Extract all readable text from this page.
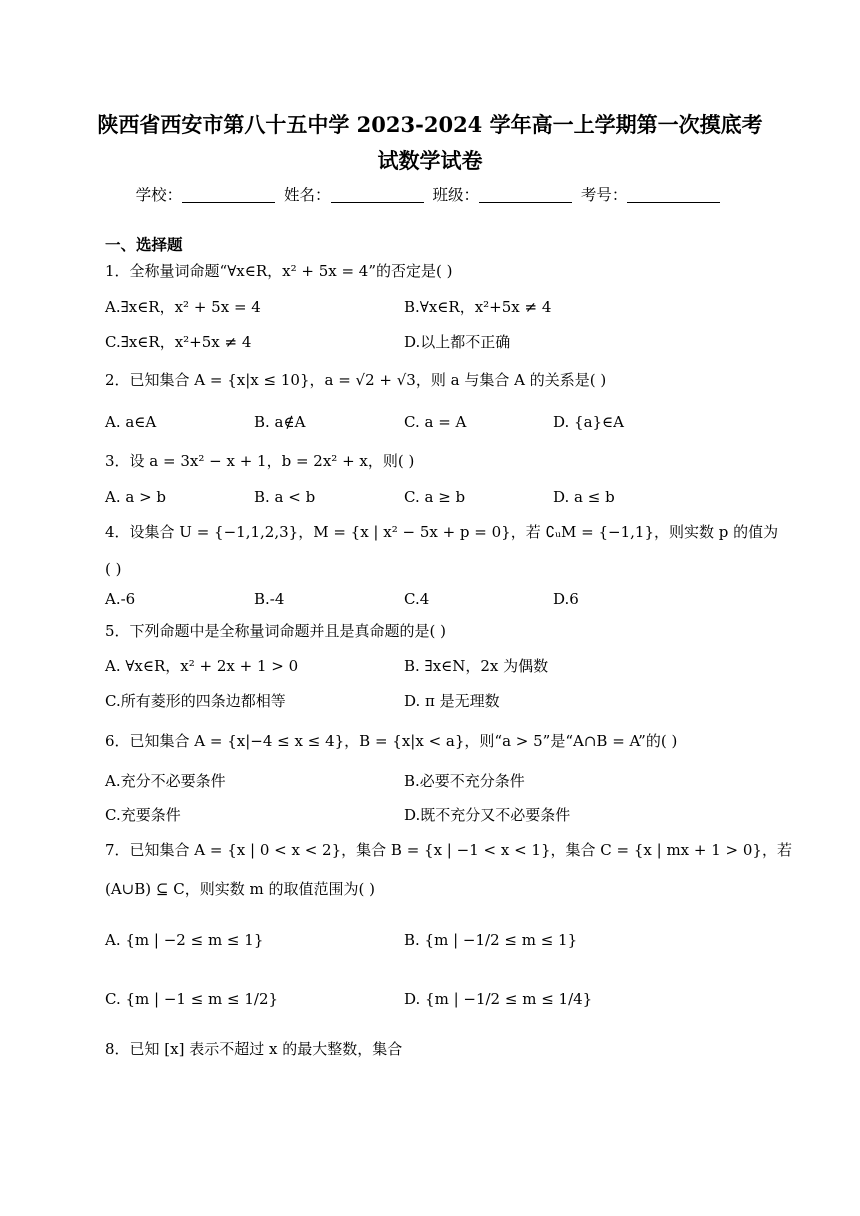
陕西省西安市第八十五中学 2023-2024 学年高一上学期第一次摸底考
试数学试卷
学校：	姓名：	班级：	考号：
一、选择题
1．全称量词命题“∀x∈R，x² + 5x = 4”的否定是( )
A.∃x∈R，x² + 5x = 4	B.∀x∈R，x²+5x ≠ 4
C.∃x∈R，x²+5x ≠ 4	D.以上都不正确
2．已知集合 A = {x|x ≤ 10}，a = √2 + √3，则 a 与集合 A 的关系是( )
A. a∈A	B. a∉A	C. a = A	D. {a}∈A
3．设 a = 3x² − x + 1，b = 2x² + x，则( )
A. a > b	B. a < b	C. a ≥ b	D. a ≤ b
4．设集合 U = {−1,1,2,3}，M = {x | x² − 5x + p = 0}，若 ∁ᵤM = {−1,1}，则实数 p 的值为
( )
A.-6	B.-4	C.4	D.6
5．下列命题中是全称量词命题并且是真命题的是( )
A. ∀x∈R，x² + 2x + 1 > 0	B. ∃x∈N，2x 为偶数
C.所有菱形的四条边都相等	D. π 是无理数
6．已知集合 A = {x|−4 ≤ x ≤ 4}，B = {x|x < a}，则“a > 5”是“A∩B = A”的( )
A.充分不必要条件	B.必要不充分条件
C.充要条件	D.既不充分又不必要条件
7．已知集合 A = {x | 0 < x < 2}，集合 B = {x | −1 < x < 1}，集合 C = {x | mx + 1 > 0}，若
(A∪B) ⊆ C，则实数 m 的取值范围为( )
A. {m | −2 ≤ m ≤ 1}	B. {m | −1/2 ≤ m ≤ 1}
C. {m | −1 ≤ m ≤ 1/2}	D. {m | −1/2 ≤ m ≤ 1/4}
8．已知 [x] 表示不超过 x 的最大整数，集合
